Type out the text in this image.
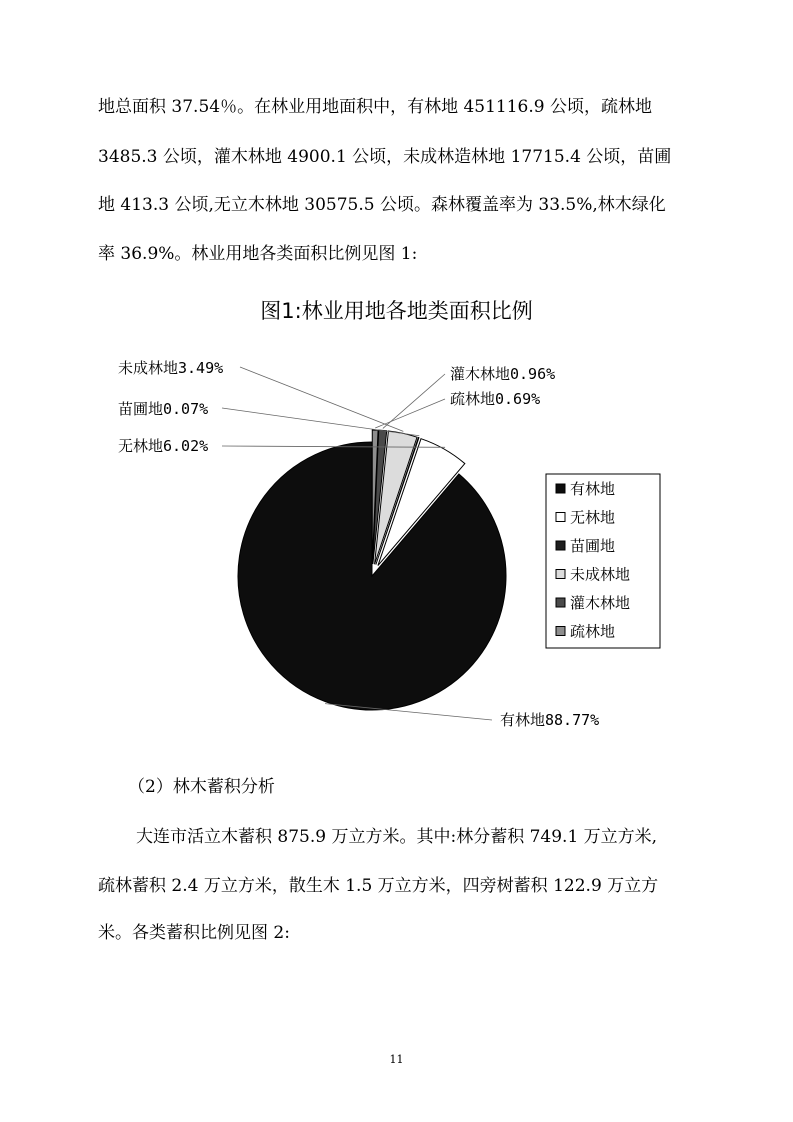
地总面积 37.54％。在林业用地面积中，有林地 451116.9 公顷，疏林地
3485.3 公顷，灌木林地 4900.1 公顷，未成林造林地 17715.4 公顷，苗圃
地 413.3 公顷,无立木林地 30575.5 公顷。森林覆盖率为 33.5%,林木绿化
率 36.9%。林业用地各类面积比例见图 1:
图1:林业用地各地类面积比例
未成林地3.49%
苗圃地0.07%
无林地6.02%
灌木林地0.96%
疏林地0.69%
有林地88.77%
有林地
无林地
苗圃地
未成林地
灌木林地
疏林地
（2）林木蓄积分析
大连市活立木蓄积 875.9 万立方米。其中:林分蓄积 749.1 万立方米,
疏林蓄积 2.4 万立方米，散生木 1.5 万立方米，四旁树蓄积 122.9 万立方
米。各类蓄积比例见图 2:
11
